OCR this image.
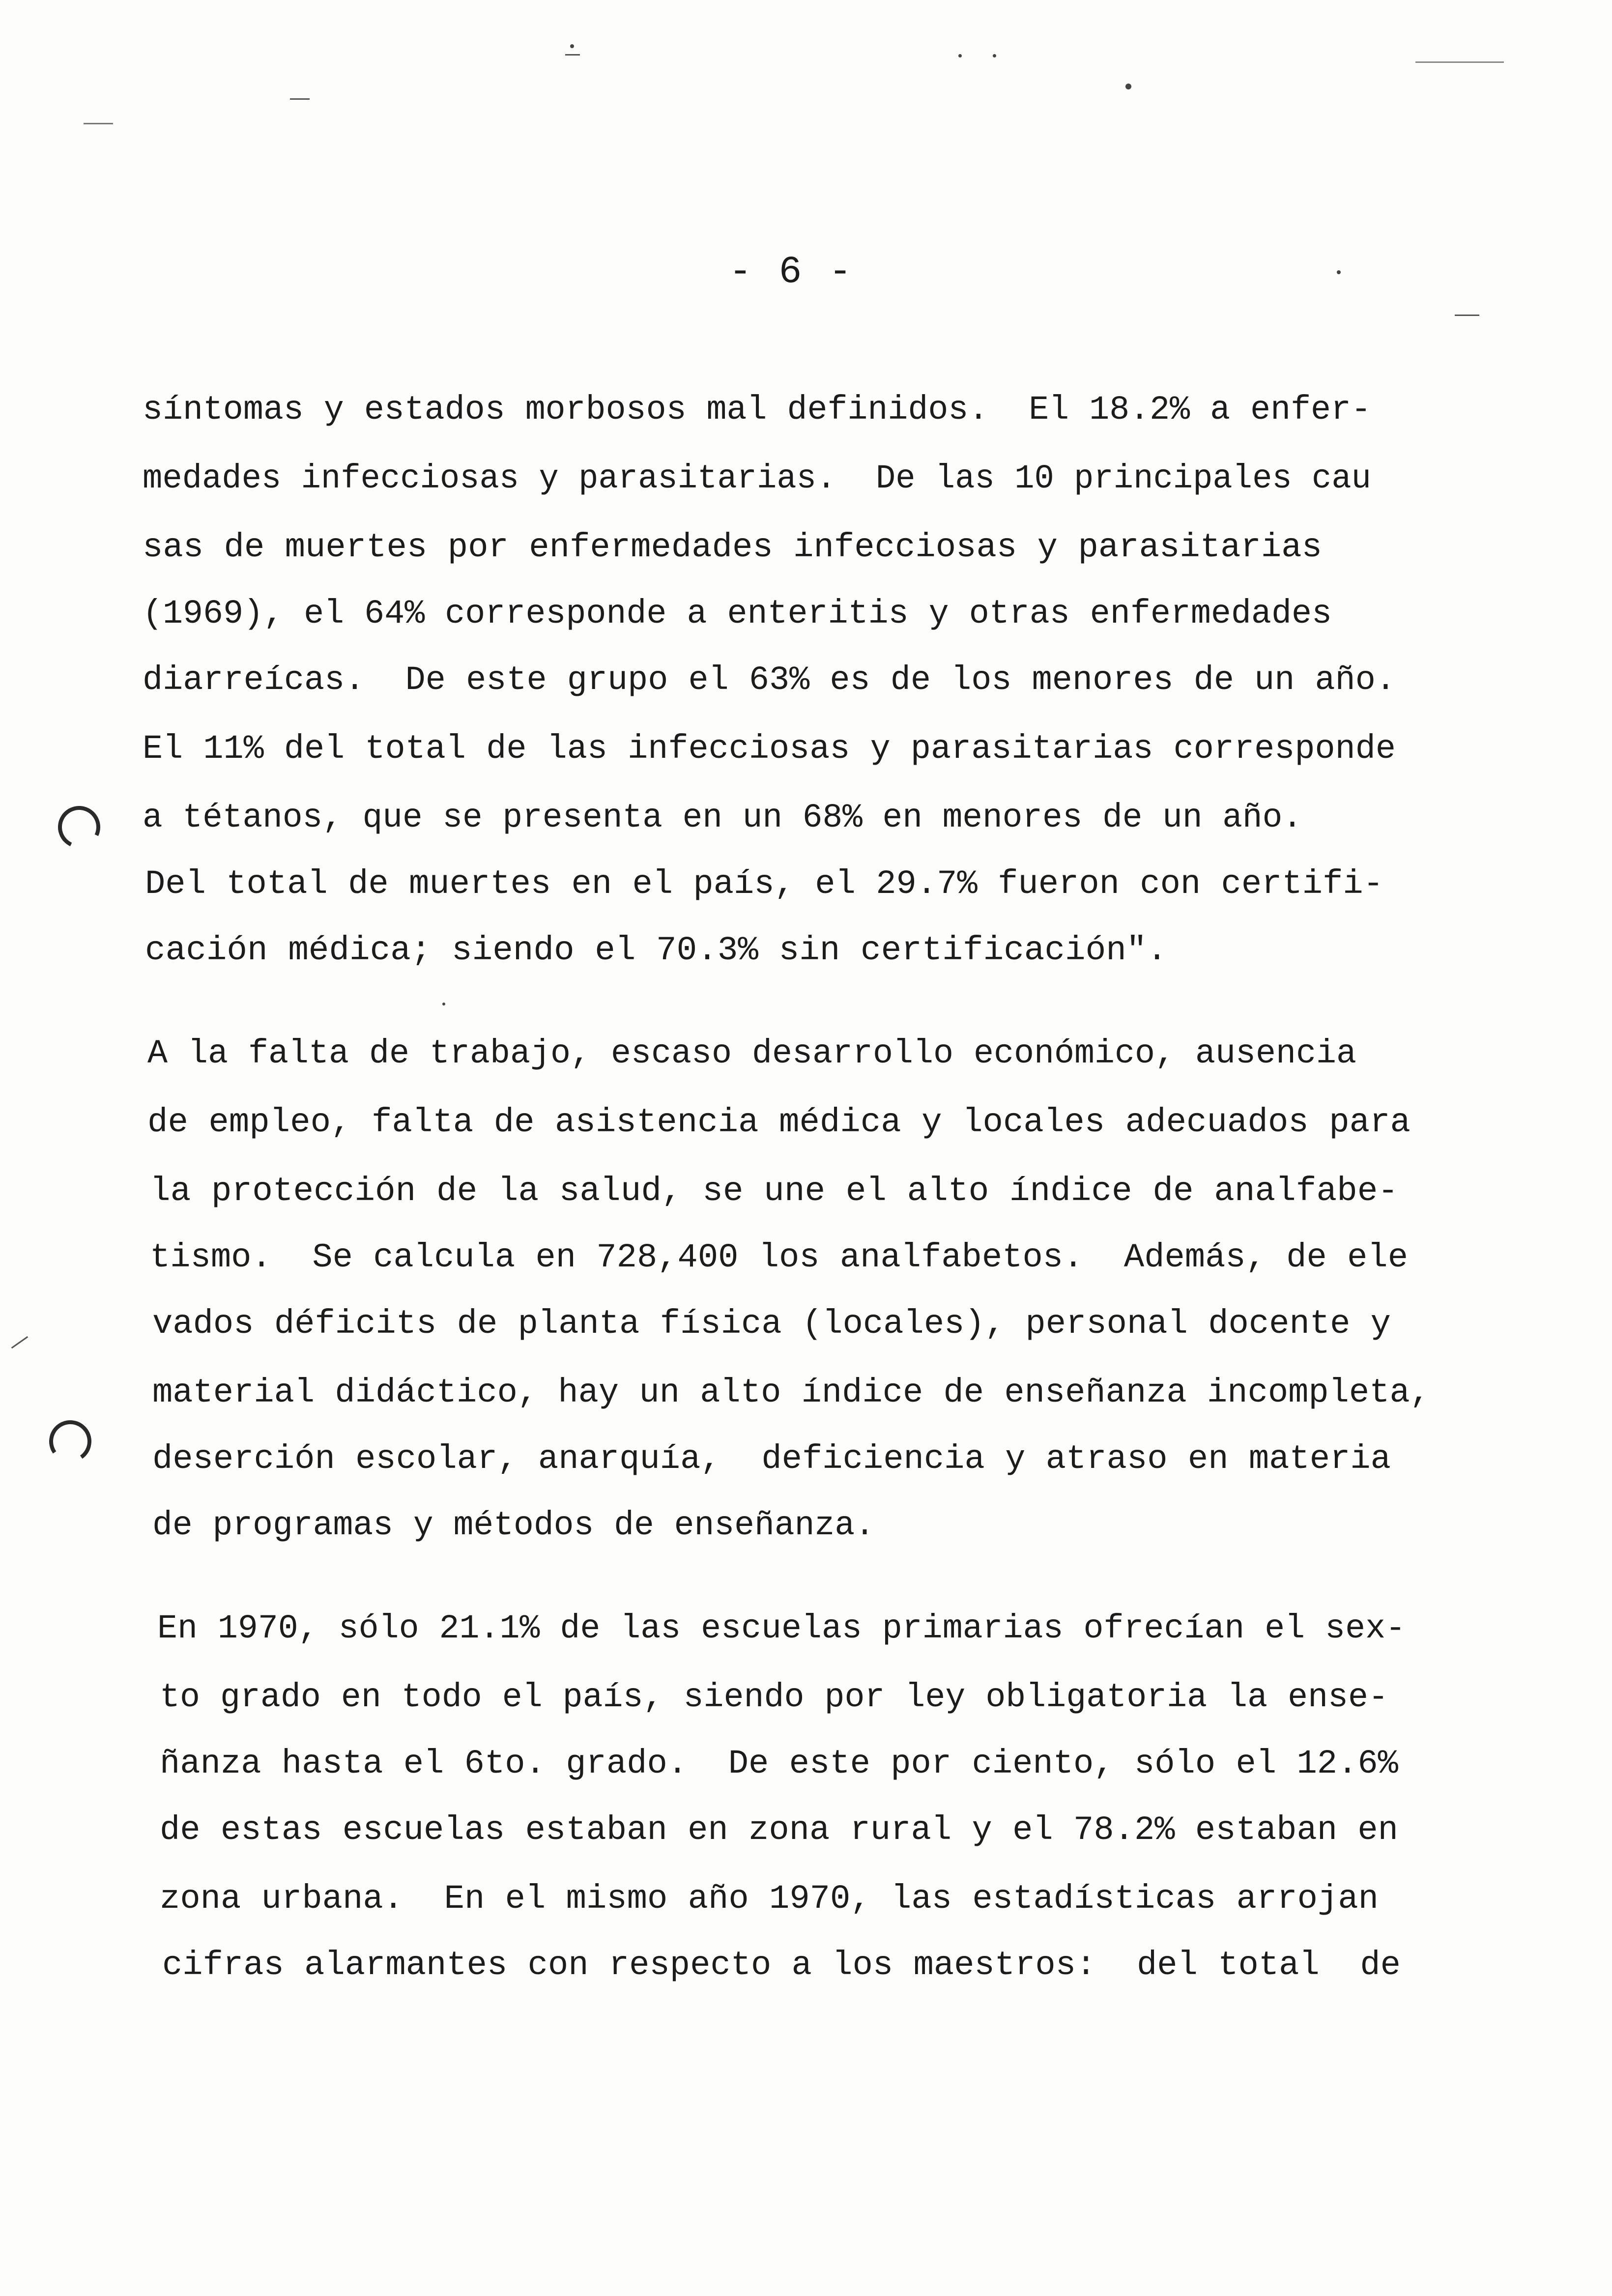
- 6 -
síntomas y estados morbosos mal definidos.  El 18.2% a enfer-
medades infecciosas y parasitarias.  De las 10 principales cau
sas de muertes por enfermedades infecciosas y parasitarias
(1969), el 64% corresponde a enteritis y otras enfermedades
diarreícas.  De este grupo el 63% es de los menores de un año.
El 11% del total de las infecciosas y parasitarias corresponde
a tétanos, que se presenta en un 68% en menores de un año.
Del total de muertes en el país, el 29.7% fueron con certifi-
cación médica; siendo el 70.3% sin certificación".
A la falta de trabajo, escaso desarrollo económico, ausencia
de empleo, falta de asistencia médica y locales adecuados para
la protección de la salud, se une el alto índice de analfabe-
tismo.  Se calcula en 728,400 los analfabetos.  Además, de ele
vados déficits de planta física (locales), personal docente y
material didáctico, hay un alto índice de enseñanza incompleta,
deserción escolar, anarquía,  deficiencia y atraso en materia
de programas y métodos de enseñanza.
En 1970, sólo 21.1% de las escuelas primarias ofrecían el sex-
to grado en todo el país, siendo por ley obligatoria la ense-
ñanza hasta el 6to. grado.  De este por ciento, sólo el 12.6%
de estas escuelas estaban en zona rural y el 78.2% estaban en
zona urbana.  En el mismo año 1970, las estadísticas arrojan
cifras alarmantes con respecto a los maestros:  del total  de
